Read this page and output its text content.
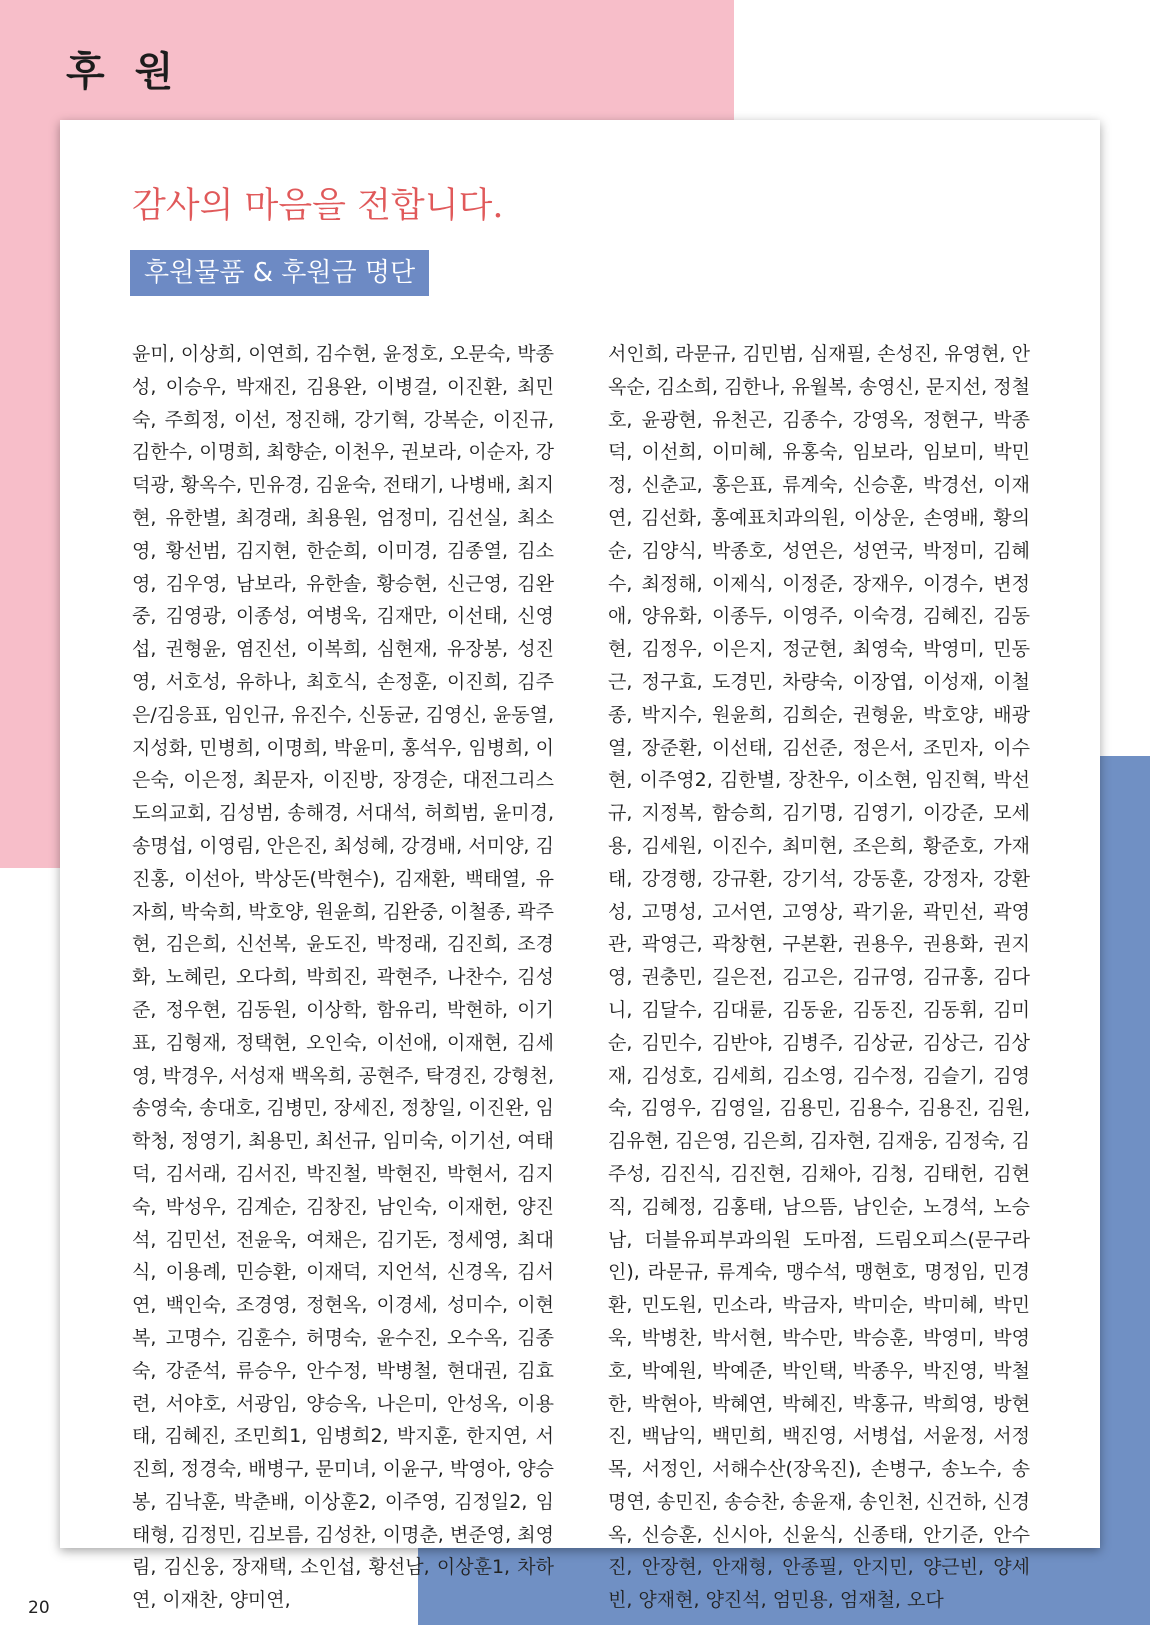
후 원
감사의 마음을 전합니다.
후원물품 & 후원금 명단

윤미, 이상희, 이연희, 김수현, 윤정호, 오문숙, 박종성, 이승우, 박재진, 김용완, 이병걸, 이진환, 최민숙, 주희정, 이선, 정진해, 강기혁, 강복순, 이진규, 김한수, 이명희, 최향순, 이천우, 권보라, 이순자, 강덕광, 황옥수, 민유경, 김윤숙, 전태기, 나병배, 최지현, 유한별, 최경래, 최용원, 엄정미, 김선실, 최소영, 황선범, 김지현, 한순희, 이미경, 김종열, 김소영, 김우영, 남보라, 유한솔, 황승현, 신근영, 김완중, 김영광, 이종성, 여병욱, 김재만, 이선태, 신영섭, 권형윤, 염진선, 이복희, 심현재, 유장봉, 성진영, 서호성, 유하나, 최호식, 손정훈, 이진희, 김주은/김응표, 임인규, 유진수, 신동균, 김영신, 윤동열, 지성화, 민병희, 이명희, 박윤미, 홍석우, 임병희, 이은숙, 이은정, 최문자, 이진방, 장경순, 대전그리스도의교회, 김성범, 송해경, 서대석, 허희범, 윤미경, 송명섭, 이영림, 안은진, 최성혜, 강경배, 서미양, 김진홍, 이선아, 박상돈(박현수), 김재환, 백태열, 유자희, 박숙희, 박호양, 원윤희, 김완중, 이철종, 곽주현, 김은희, 신선복, 윤도진, 박정래, 김진희, 조경화, 노혜린, 오다희, 박희진, 곽현주, 나찬수, 김성준, 정우현, 김동원, 이상학, 함유리, 박현하, 이기표, 김형재, 정택현, 오인숙, 이선애, 이재현, 김세영, 박경우, 서성재 백옥희, 공현주, 탁경진, 강형천, 송영숙, 송대호, 김병민, 장세진, 정창일, 이진완, 임학청, 정영기, 최용민, 최선규, 임미숙, 이기선, 여태덕, 김서래, 김서진, 박진철, 박현진, 박현서, 김지숙, 박성우, 김계순, 김창진, 남인숙, 이재헌, 양진석, 김민선, 전윤욱, 여채은, 김기돈, 정세영, 최대식, 이용례, 민승환, 이재덕, 지언석, 신경옥, 김서연, 백인숙, 조경영, 정현옥, 이경세, 성미수, 이현복, 고명수, 김훈수, 허명숙, 윤수진, 오수옥, 김종숙, 강준석, 류승우, 안수정, 박병철, 현대권, 김효련, 서야호, 서광임, 양승옥, 나은미, 안성옥, 이용태, 김혜진, 조민희1, 임병희2, 박지훈, 한지연, 서진희, 정경숙, 배병구, 문미녀, 이윤구, 박영아, 양승봉, 김낙훈, 박춘배, 이상훈2, 이주영, 김정일2, 임태형, 김정민, 김보름, 김성찬, 이명춘, 변준영, 최영림, 김신웅, 장재택, 소인섭, 황선남, 이상훈1, 차하연, 이재찬, 양미연,

서인희, 라문규, 김민범, 심재필, 손성진, 유영현, 안옥순, 김소희, 김한나, 유월복, 송영신, 문지선, 정철호, 윤광현, 유천곤, 김종수, 강영옥, 정현구, 박종덕, 이선희, 이미혜, 유홍숙, 임보라, 임보미, 박민정, 신춘교, 홍은표, 류계숙, 신승훈, 박경선, 이재연, 김선화, 홍예표치과의원, 이상운, 손영배, 황의순, 김양식, 박종호, 성연은, 성연국, 박정미, 김혜수, 최정해, 이제식, 이정준, 장재우, 이경수, 변정애, 양유화, 이종두, 이영주, 이숙경, 김혜진, 김동현, 김정우, 이은지, 정군현, 최영숙, 박영미, 민동근, 정구효, 도경민, 차량숙, 이장엽, 이성재, 이철종, 박지수, 원윤희, 김희순, 권형윤, 박호양, 배광열, 장준환, 이선태, 김선준, 정은서, 조민자, 이수현, 이주영2, 김한별, 장찬우, 이소현, 임진혁, 박선규, 지정복, 함승희, 김기명, 김영기, 이강준, 모세용, 김세원, 이진수, 최미현, 조은희, 황준호, 가재태, 강경행, 강규환, 강기석, 강동훈, 강정자, 강환성, 고명성, 고서연, 고영상, 곽기윤, 곽민선, 곽영관, 곽영근, 곽창현, 구본환, 권용우, 권용화, 권지영, 권충민, 길은전, 김고은, 김규영, 김규홍, 김다니, 김달수, 김대륜, 김동윤, 김동진, 김동휘, 김미순, 김민수, 김반야, 김병주, 김상균, 김상근, 김상재, 김성호, 김세희, 김소영, 김수정, 김슬기, 김영숙, 김영우, 김영일, 김용민, 김용수, 김용진, 김원, 김유현, 김은영, 김은희, 김자현, 김재웅, 김정숙, 김주성, 김진식, 김진현, 김채아, 김청, 김태헌, 김현직, 김혜정, 김홍태, 남으뜸, 남인순, 노경석, 노승남, 더블유피부과의원 도마점, 드림오피스(문구라인), 라문규, 류계숙, 맹수석, 맹현호, 명정임, 민경환, 민도원, 민소라, 박금자, 박미순, 박미혜, 박민욱, 박병찬, 박서현, 박수만, 박승훈, 박영미, 박영호, 박예원, 박예준, 박인택, 박종우, 박진영, 박철한, 박현아, 박혜연, 박혜진, 박홍규, 박희영, 방현진, 백남익, 백민희, 백진영, 서병섭, 서윤정, 서정목, 서정인, 서해수산(장욱진), 손병구, 송노수, 송명연, 송민진, 송승찬, 송윤재, 송인천, 신건하, 신경옥, 신승훈, 신시아, 신윤식, 신종태, 안기준, 안수진, 안장현, 안재형, 안종필, 안지민, 양근빈, 양세빈, 양재현, 양진석, 엄민용, 엄재철, 오다

20
